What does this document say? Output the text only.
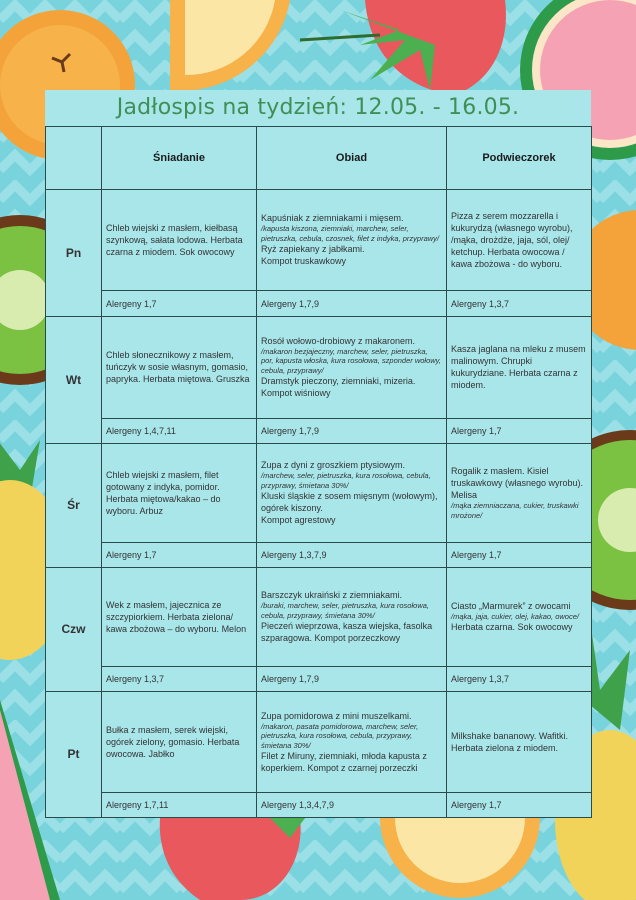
Jadłospis na tydzień: 12.05. - 16.05.
	Śniadanie	Obiad	Podwieczorek
Pn	Chleb wiejski z masłem, kiełbasą szynkową, sałata lodowa. Herbata czarna z miodem. Sok owocowy	Kapuśniak z ziemniakami i mięsem.
/kapusta kiszona, ziemniaki, marchew, seler, pietruszka, cebula, czosnek, filet z indyka, przyprawy/
Ryż zapiekany z jabłkami.
Kompot truskawkowy	Pizza z serem mozzarella i kukurydzą (własnego wyrobu),
/mąka, drożdże, jaja, sól, olej/
ketchup. Herbata owocowa / kawa zbożowa - do wyboru.

	Alergeny 1,7	Alergeny 1,7,9	Alergeny 1,3,7
Wt	Chleb słonecznikowy z masłem, tuńczyk w sosie własnym, gomasio, papryka. Herbata miętowa. Gruszka	Rosół wołowo-drobiowy z makaronem.
/makaron bezjajeczny, marchew, seler, pietruszka, por, kapusta włoska, kura rosołowa, szponder wołowy, cebula, przyprawy/
Dramstyk pieczony, ziemniaki, mizeria.
Kompot wiśniowy	Kasza jaglana na mleku z musem malinowym. Chrupki kukurydziane. Herbata czarna z miodem.

	Alergeny 1,4,7,11	Alergeny 1,7,9	Alergeny 1,7
Śr	Chleb wiejski z masłem, filet gotowany z indyka, pomidor. Herbata miętowa/kakao – do wyboru. Arbuz	Zupa z dyni z groszkiem ptysiowym.
/marchew, seler, pietruszka, kura rosołowa, cebula, przyprawy, śmietana 30%/
Kluski śląskie z sosem mięsnym (wołowym), ogórek kiszony.
Kompot agrestowy	Rogalik z masłem. Kisiel truskawkowy (własnego wyrobu). Melisa
/mąka ziemniaczana, cukier, truskawki mrożone/

	Alergeny 1,7	Alergeny 1,3,7,9	Alergeny 1,7
Czw	Wek z masłem, jajecznica ze szczypiorkiem. Herbata zielona/ kawa zbożowa – do wyboru. Melon	Barszczyk ukraiński z ziemniakami.
/buraki, marchew, seler, pietruszka, kura rosołowa, cebula, przyprawy, śmietana 30%/
Pieczeń wieprzowa, kasza wiejska, fasolka szparagowa. Kompot porzeczkowy	Ciasto „Marmurek” z owocami
/mąka, jaja, cukier, olej, kakao, owoce/
Herbata czarna. Sok owocowy

	Alergeny 1,3,7	Alergeny 1,7,9	Alergeny 1,3,7
Pt	Bułka z masłem, serek wiejski, ogórek zielony, gomasio. Herbata owocowa. Jabłko	Zupa pomidorowa z mini muszelkami.
/makaron, pasata pomidorowa, marchew, seler, pietruszka, kura rosołowa, cebula, przyprawy, śmietana 30%/
Filet z Miruny, ziemniaki, młoda kapusta z koperkiem. Kompot z czarnej porzeczki	Milkshake bananowy. Wafitki. Herbata zielona z miodem.

	Alergeny 1,7,11	Alergeny 1,3,4,7,9	Alergeny 1,7
